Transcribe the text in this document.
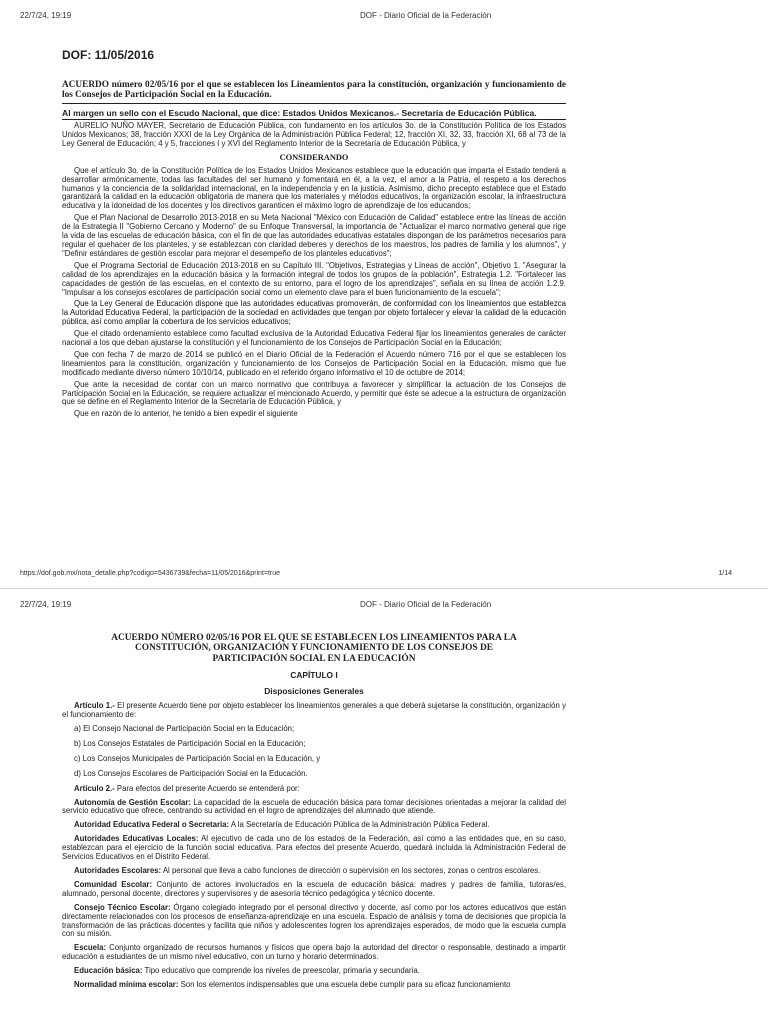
22/7/24, 19:19	DOF - Diario Oficial de la Federación
DOF: 11/05/2016
ACUERDO número 02/05/16 por el que se establecen los Lineamientos para la constitución, organización y funcionamiento de los Consejos de Participación Social en la Educación.
Al margen un sello con el Escudo Nacional, que dice: Estados Unidos Mexicanos.- Secretaría de Educación Pública.

AURELIO NUÑO MAYER, Secretario de Educación Pública, con fundamento en los artículos 3o. de la Constitución Política de los Estados Unidos Mexicanos; 38, fracción XXXI de la Ley Orgánica de la Administración Pública Federal; 12, fracción XI, 32, 33, fracción XI, 68 al 73 de la Ley General de Educación; 4 y 5, fracciones I y XVI del Reglamento Interior de la Secretaría de Educación Pública, y

CONSIDERANDO

Que el artículo 3o. de la Constitución Política de los Estados Unidos Mexicanos establece que la educación que imparta el Estado tenderá a desarrollar armónicamente, todas las facultades del ser humano y fomentará en él, a la vez, el amor a la Patria, el respeto a los derechos humanos y la conciencia de la solidaridad internacional, en la independencia y en la justicia. Asimismo, dicho precepto establece que el Estado garantizará la calidad en la educación obligatoria de manera que los materiales y métodos educativos, la organización escolar, la infraestructura educativa y la idoneidad de los docentes y los directivos garanticen el máximo logro de aprendizaje de los educandos;

Que el Plan Nacional de Desarrollo 2013-2018 en su Meta Nacional "México con Educación de Calidad" establece entre las líneas de acción de la Estrategia II "Gobierno Cercano y Moderno" de su Enfoque Transversal, la importancia de "Actualizar el marco normativo general que rige la vida de las escuelas de educación básica, con el fin de que las autoridades educativas estatales dispongan de los parámetros necesarios para regular el quehacer de los planteles, y se establezcan con claridad deberes y derechos de los maestros, los padres de familia y los alumnos", y "Definir estándares de gestión escolar para mejorar el desempeño de los planteles educativos";

Que el Programa Sectorial de Educación 2013-2018 en su Capítulo III. "Objetivos, Estrategias y Líneas de acción", Objetivo 1. "Asegurar la calidad de los aprendizajes en la educación básica y la formación integral de todos los grupos de la población", Estrategia 1.2. "Fortalecer las capacidades de gestión de las escuelas, en el contexto de su entorno, para el logro de los aprendizajes", señala en su línea de acción 1.2.9. "Impulsar a los consejos escolares de participación social como un elemento clave para el buen funcionamiento de la escuela";

Que la Ley General de Educación dispone que las autoridades educativas promoverán, de conformidad con los lineamientos que establezca la Autoridad Educativa Federal, la participación de la sociedad en actividades que tengan por objeto fortalecer y elevar la calidad de la educación pública, así como ampliar la cobertura de los servicios educativos;

Que el citado ordenamiento establece como facultad exclusiva de la Autoridad Educativa Federal fijar los lineamientos generales de carácter nacional a los que deban ajustarse la constitución y el funcionamiento de los Consejos de Participación Social en la Educación;

Que con fecha 7 de marzo de 2014 se publicó en el Diario Oficial de la Federación el Acuerdo número 716 por el que se establecen los lineamientos para la constitución, organización y funcionamiento de los Consejos de Participación Social en la Educación, mismo que fue modificado mediante diverso número 10/10/14, publicado en el referido órgano informativo el 10 de octubre de 2014;

Que ante la necesidad de contar con un marco normativo que contribuya a favorecer y simplificar la actuación de los Consejos de Participación Social en la Educación, se requiere actualizar el mencionado Acuerdo, y permitir que éste se adecue a la estructura de organización que se define en el Reglamento Interior de la Secretaría de Educación Pública, y

Que en razón de lo anterior, he tenido a bien expedir el siguiente

https://dof.gob.mx/nota_detalle.php?codigo=5436739&fecha=11/05/2016&print=true	1/14
22/7/24, 19:19	DOF - Diario Oficial de la Federación
ACUERDO NÚMERO 02/05/16 POR EL QUE SE ESTABLECEN LOS LINEAMIENTOS PARA LA CONSTITUCIÓN, ORGANIZACIÓN Y FUNCIONAMIENTO DE LOS CONSEJOS DE PARTICIPACIÓN SOCIAL EN LA EDUCACIÓN
CAPÍTULO I
Disposiciones Generales

Artículo 1.- El presente Acuerdo tiene por objeto establecer los lineamientos generales a que deberá sujetarse la constitución, organización y el funcionamiento de:

a) El Consejo Nacional de Participación Social en la Educación;
b) Los Consejos Estatales de Participación Social en la Educación;
c) Los Consejos Municipales de Participación Social en la Educación, y
d) Los Consejos Escolares de Participación Social en la Educación.

Artículo 2.- Para efectos del presente Acuerdo se entenderá por:

Autonomía de Gestión Escolar: La capacidad de la escuela de educación básica para tomar decisiones orientadas a mejorar la calidad del servicio educativo que ofrece, centrando su actividad en el logro de aprendizajes del alumnado que atiende.

Autoridad Educativa Federal o Secretaría: A la Secretaría de Educación Pública de la Administración Pública Federal.

Autoridades Educativas Locales: Al ejecutivo de cada uno de los estados de la Federación, así como a las entidades que, en su caso, establezcan para el ejercicio de la función social educativa. Para efectos del presente Acuerdo, quedará incluida la Administración Federal de Servicios Educativos en el Distrito Federal.

Autoridades Escolares: Al personal que lleva a cabo funciones de dirección o supervisión en los sectores, zonas o centros escolares.

Comunidad Escolar: Conjunto de actores involucrados en la escuela de educación básica: madres y padres de familia, tutoras/es, alumnado, personal docente, directores y supervisores y de asesoría técnico pedagógica y técnico docente.

Consejo Técnico Escolar: Órgano colegiado integrado por el personal directivo y docente, así como por los actores educativos que están directamente relacionados con los procesos de enseñanza-aprendizaje en una escuela. Espacio de análisis y toma de decisiones que propicia la transformación de las prácticas docentes y facilita que niños y adolescentes logren los aprendizajes esperados, de modo que la escuela cumpla con su misión.

Escuela: Conjunto organizado de recursos humanos y físicos que opera bajo la autoridad del director o responsable, destinado a impartir educación a estudiantes de un mismo nivel educativo, con un turno y horario determinados.

Educación básica: Tipo educativo que comprende los niveles de preescolar, primaria y secundaria.

Normalidad mínima escolar: Son los elementos indispensables que una escuela debe cumplir para su eficaz funcionamiento
